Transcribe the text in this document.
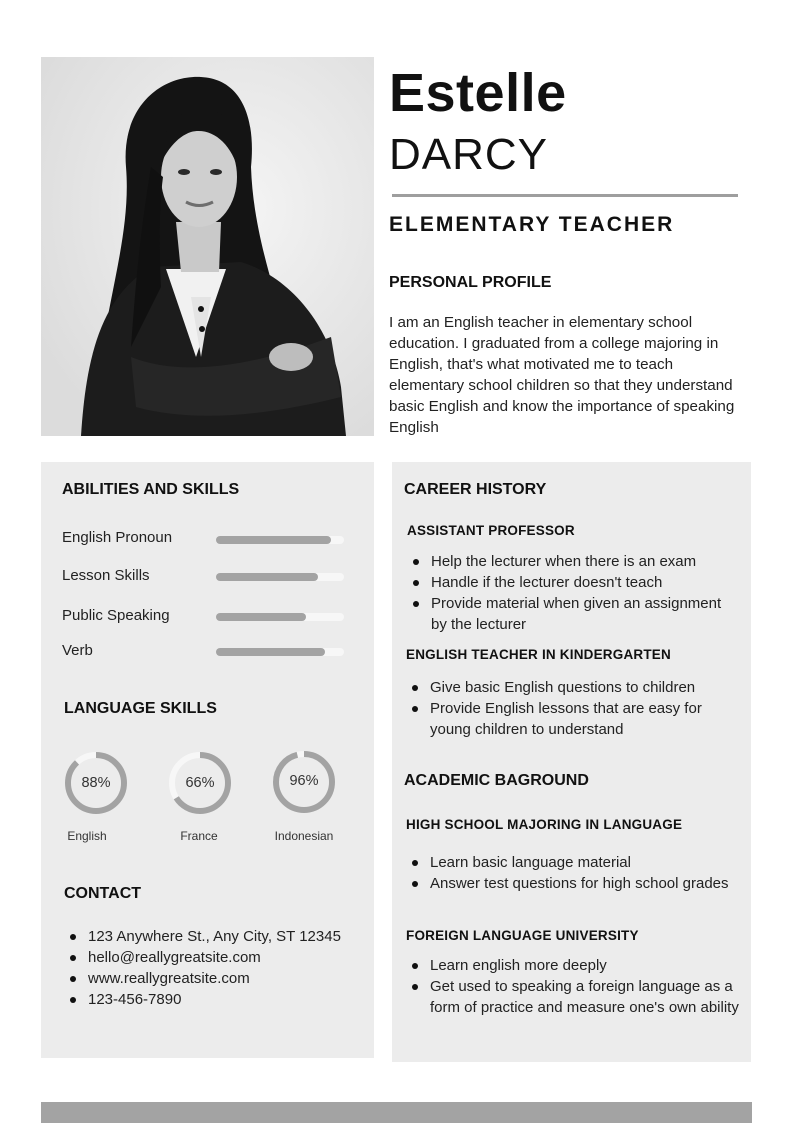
Estelle
DARCY
ELEMENTARY TEACHER
PERSONAL PROFILE
I am an English teacher in elementary school education. I graduated from a college majoring in English, that's what motivated me to teach elementary school children so that they understand basic English and know the importance of speaking English
ABILITIES AND SKILLS
English Pronoun
Lesson Skills
Public Speaking
Verb
LANGUAGE SKILLS
88%
English
66%
France
96%
Indonesian
CONTACT
123 Anywhere St., Any City, ST 12345
hello@reallygreatsite.com
www.reallygreatsite.com
123-456-7890
CAREER HISTORY
ASSISTANT PROFESSOR
Help the lecturer when there is an exam
Handle if the lecturer doesn't teach
Provide material when given an assignment by the lecturer
ENGLISH TEACHER IN KINDERGARTEN
Give basic English questions to children
Provide English lessons that are easy for young children to understand
ACADEMIC BAGROUND
HIGH SCHOOL MAJORING IN LANGUAGE
Learn basic language material
Answer test questions for high school grades
FOREIGN LANGUAGE UNIVERSITY
Learn english more deeply
Get used to speaking a foreign language as a form of practice and measure one's own ability
